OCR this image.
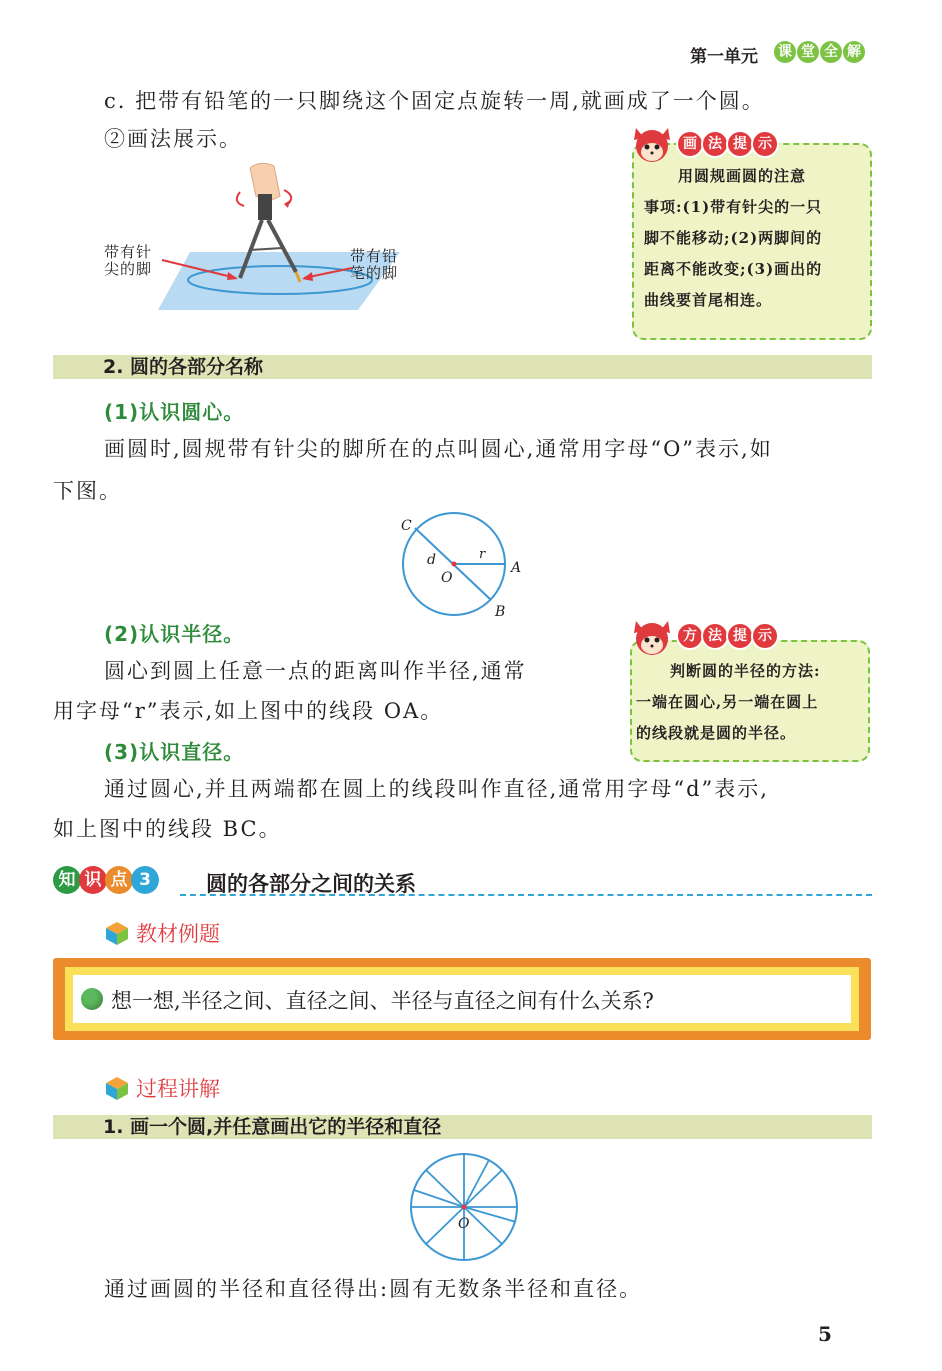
第一单元 课 堂 全 解
c. 把带有铅笔的一只脚绕这个固定点旋转一周,就画成了一个圆。
②画法展示。
带有针
尖的脚
带有铅
笔的脚
用圆规画圆的注意
事项:(1)带有针尖的一只
脚不能移动;(2)两脚间的
距离不能改变;(3)画出的
曲线要首尾相连。
画 法 提 示
2. 圆的各部分名称
(1)认识圆心。
画圆时,圆规带有针尖的脚所在的点叫圆心,通常用字母“O”表示,如
下图。
C
d	r
O
A
B
(2)认识半径。
圆心到圆上任意一点的距离叫作半径,通常
用字母“r”表示,如上图中的线段 OA。
(3)认识直径。
通过圆心,并且两端都在圆上的线段叫作直径,通常用字母“d”表示,
如上图中的线段 BC。
判断圆的半径的方法:
一端在圆心,另一端在圆上
的线段就是圆的半径。
方 法 提 示
知 识 点 3	圆的各部分之间的关系
教材例题
想一想,半径之间、直径之间、半径与直径之间有什么关系?
过程讲解
1. 画一个圆,并任意画出它的半径和直径
O
通过画圆的半径和直径得出:圆有无数条半径和直径。
5
